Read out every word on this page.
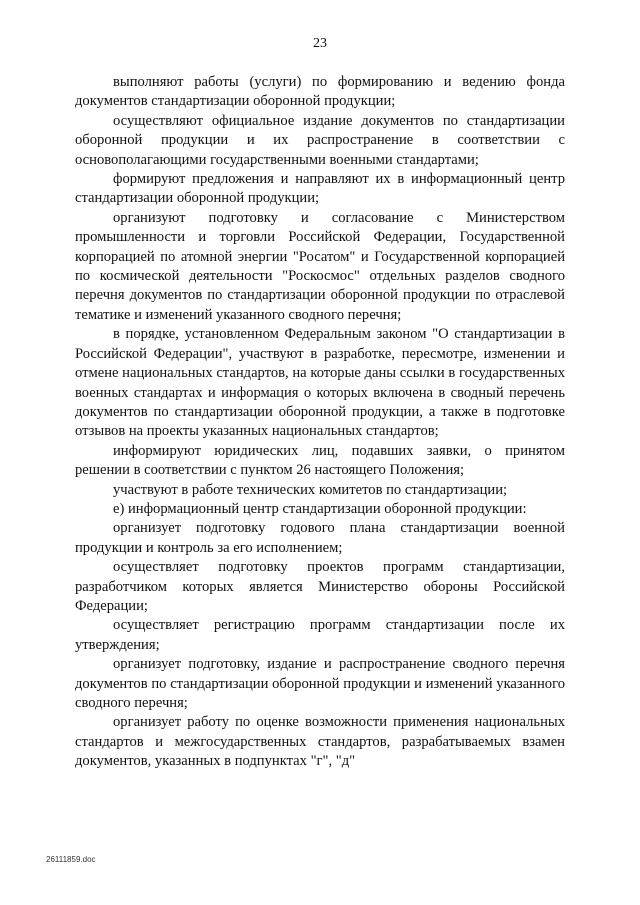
23

выполняют работы (услуги) по формированию и ведению фонда документов стандартизации оборонной продукции;

осуществляют официальное издание документов по стандартизации оборонной продукции и их распространение в соответствии с основополагающими государственными военными стандартами;

формируют предложения и направляют их в информационный центр стандартизации оборонной продукции;

организуют подготовку и согласование с Министерством промышленности и торговли Российской Федерации, Государственной корпорацией по атомной энергии "Росатом" и Государственной корпорацией по космической деятельности "Роскосмос" отдельных разделов сводного перечня документов по стандартизации оборонной продукции по отраслевой тематике и изменений указанного сводного перечня;

в порядке, установленном Федеральным законом "О стандартизации в Российской Федерации", участвуют в разработке, пересмотре, изменении и отмене национальных стандартов, на которые даны ссылки в государственных военных стандартах и информация о которых включена в сводный перечень документов по стандартизации оборонной продукции, а также в подготовке отзывов на проекты указанных национальных стандартов;

информируют юридических лиц, подавших заявки, о принятом решении в соответствии с пунктом 26 настоящего Положения;

участвуют в работе технических комитетов по стандартизации;

е) информационный центр стандартизации оборонной продукции:

организует подготовку годового плана стандартизации военной продукции и контроль за его исполнением;

осуществляет подготовку проектов программ стандартизации, разработчиком которых является Министерство обороны Российской Федерации;

осуществляет регистрацию программ стандартизации после их утверждения;

организует подготовку, издание и распространение сводного перечня документов по стандартизации оборонной продукции и изменений указанного сводного перечня;

организует работу по оценке возможности применения национальных стандартов и межгосударственных стандартов, разрабатываемых взамен документов, указанных в подпунктах "г", "д"

26111859.doc
